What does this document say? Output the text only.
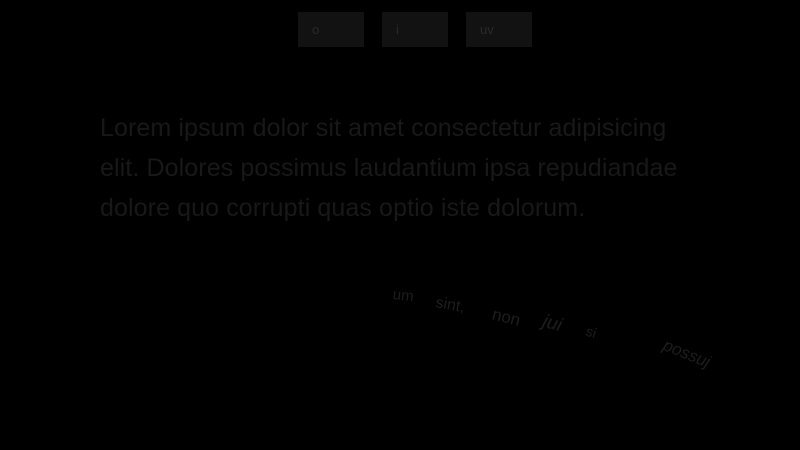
o	i	uv
Lorem ipsum dolor sit amet consectetur adipisicing elit. Dolores possimus laudantium ipsa repudiandae dolore quo corrupti quas optio iste dolorum.
um sint, non jui si
possuj
